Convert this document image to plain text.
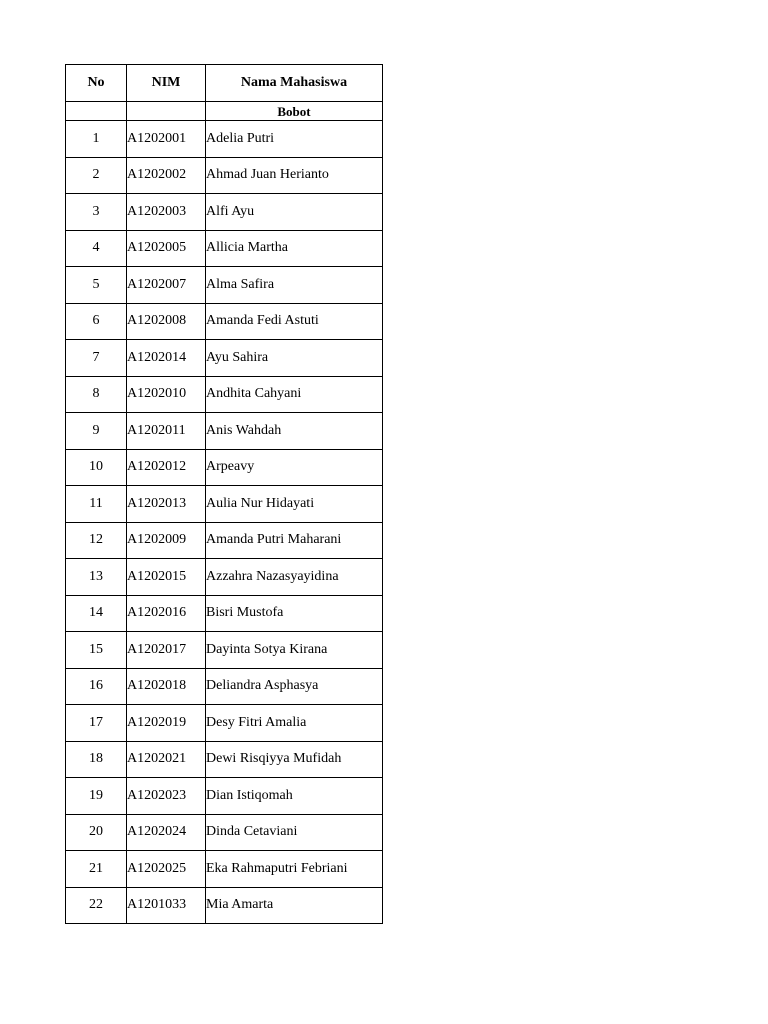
No	NIM	Nama Mahasiswa
		Bobot
1	A1202001	Adelia Putri
2	A1202002	Ahmad Juan Herianto
3	A1202003	Alfi Ayu
4	A1202005	Allicia Martha
5	A1202007	Alma Safira
6	A1202008	Amanda Fedi Astuti
7	A1202014	Ayu Sahira
8	A1202010	Andhita Cahyani
9	A1202011	Anis Wahdah
10	A1202012	Arpeavy
11	A1202013	Aulia Nur Hidayati
12	A1202009	Amanda Putri Maharani
13	A1202015	Azzahra Nazasyayidina
14	A1202016	Bisri Mustofa
15	A1202017	Dayinta Sotya Kirana
16	A1202018	Deliandra Asphasya
17	A1202019	Desy Fitri Amalia
18	A1202021	Dewi Risqiyya Mufidah
19	A1202023	Dian Istiqomah
20	A1202024	Dinda Cetaviani
21	A1202025	Eka Rahmaputri Febriani
22	A1201033	Mia Amarta
